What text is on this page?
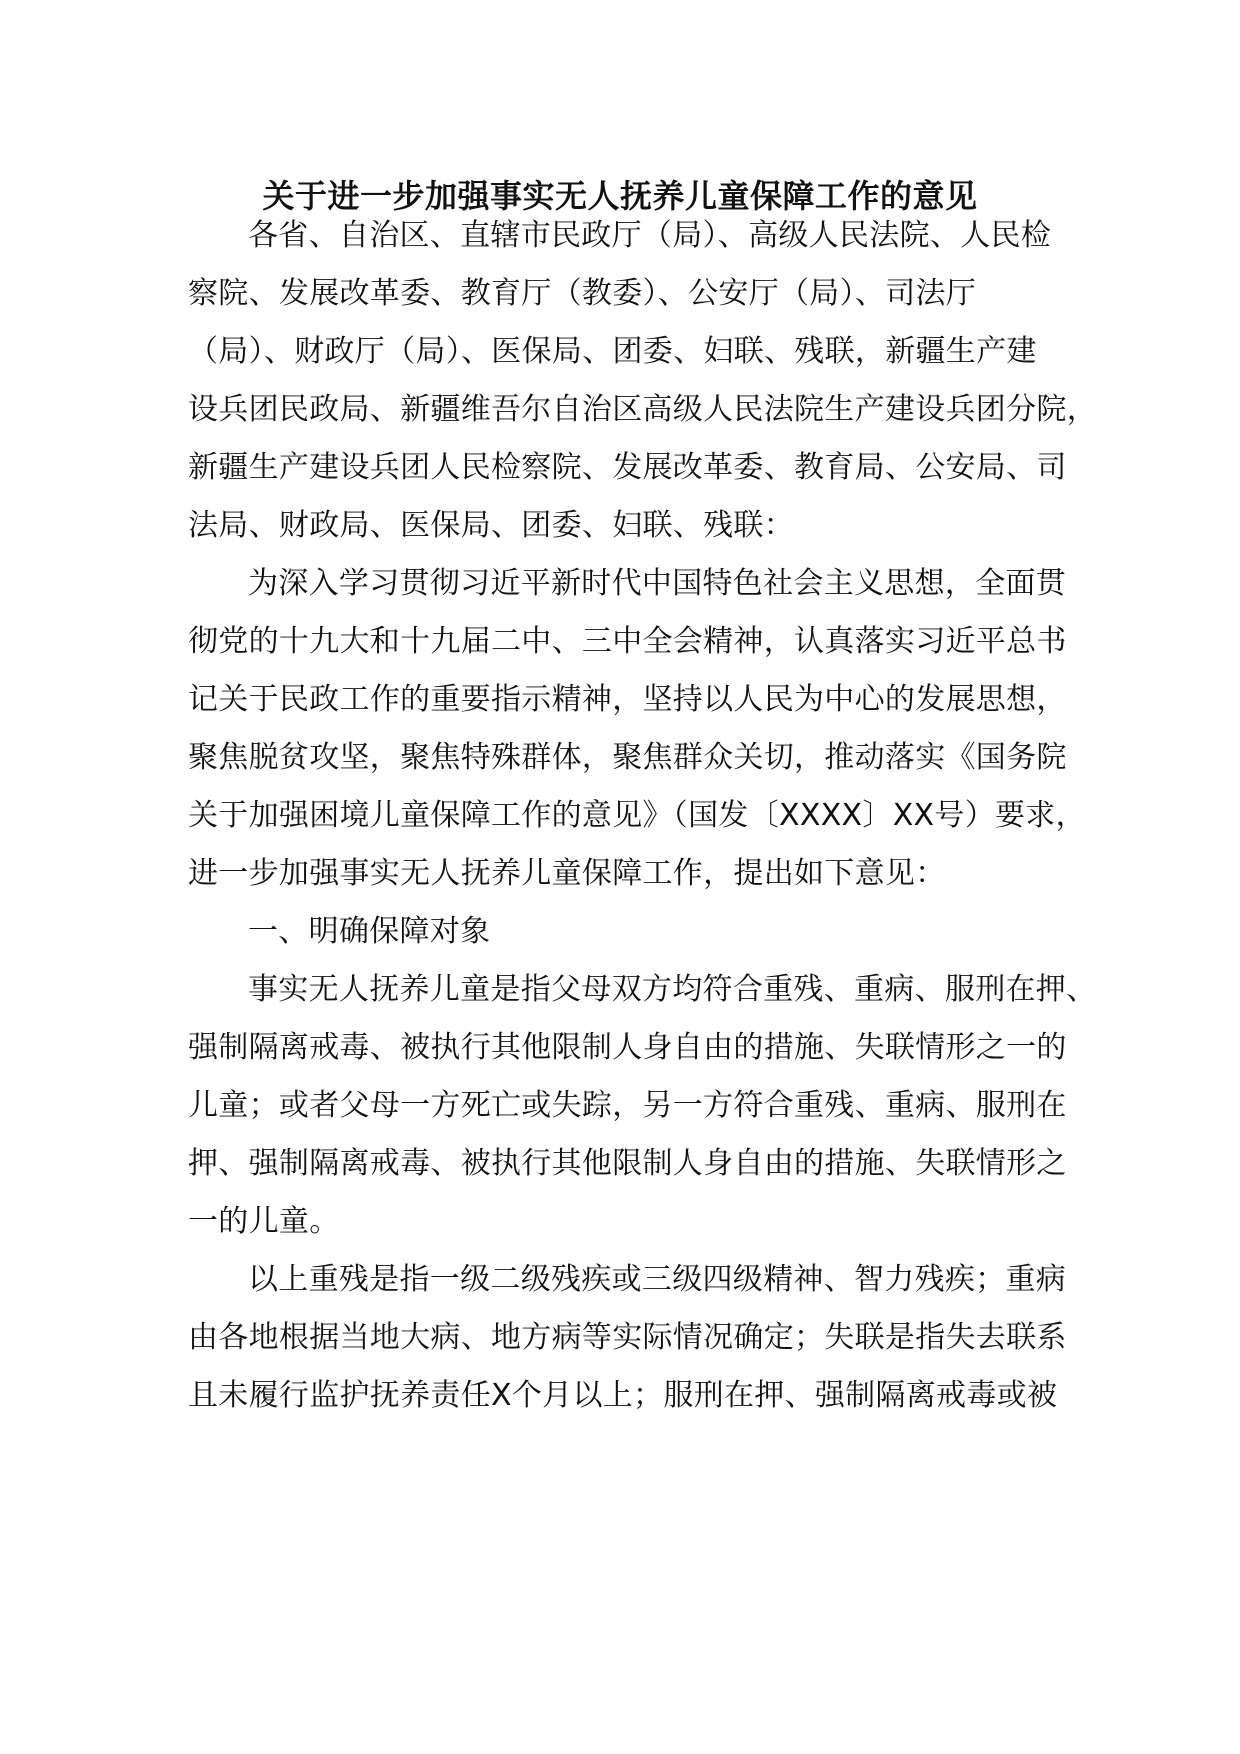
关于进一步加强事实无人抚养儿童保障工作的意见
各省、自治区、直辖市民政厅（局）、高级人民法院、人民检
察院、发展改革委、教育厅（教委）、公安厅（局）、司法厅
（局）、财政厅（局）、医保局、团委、妇联、残联，新疆生产建
设兵团民政局、新疆维吾尔自治区高级人民法院生产建设兵团分院，
新疆生产建设兵团人民检察院、发展改革委、教育局、公安局、司
法局、财政局、医保局、团委、妇联、残联：
为深入学习贯彻习近平新时代中国特色社会主义思想，全面贯
彻党的十九大和十九届二中、三中全会精神，认真落实习近平总书
记关于民政工作的重要指示精神，坚持以人民为中心的发展思想，
聚焦脱贫攻坚，聚焦特殊群体，聚焦群众关切，推动落实《国务院
关于加强困境儿童保障工作的意见》（国发〔XXXX〕XX号）要求，
进一步加强事实无人抚养儿童保障工作，提出如下意见：
一、明确保障对象
事实无人抚养儿童是指父母双方均符合重残、重病、服刑在押、
强制隔离戒毒、被执行其他限制人身自由的措施、失联情形之一的
儿童；或者父母一方死亡或失踪，另一方符合重残、重病、服刑在
押、强制隔离戒毒、被执行其他限制人身自由的措施、失联情形之
一的儿童。
以上重残是指一级二级残疾或三级四级精神、智力残疾；重病
由各地根据当地大病、地方病等实际情况确定；失联是指失去联系
且未履行监护抚养责任X个月以上；服刑在押、强制隔离戒毒或被
